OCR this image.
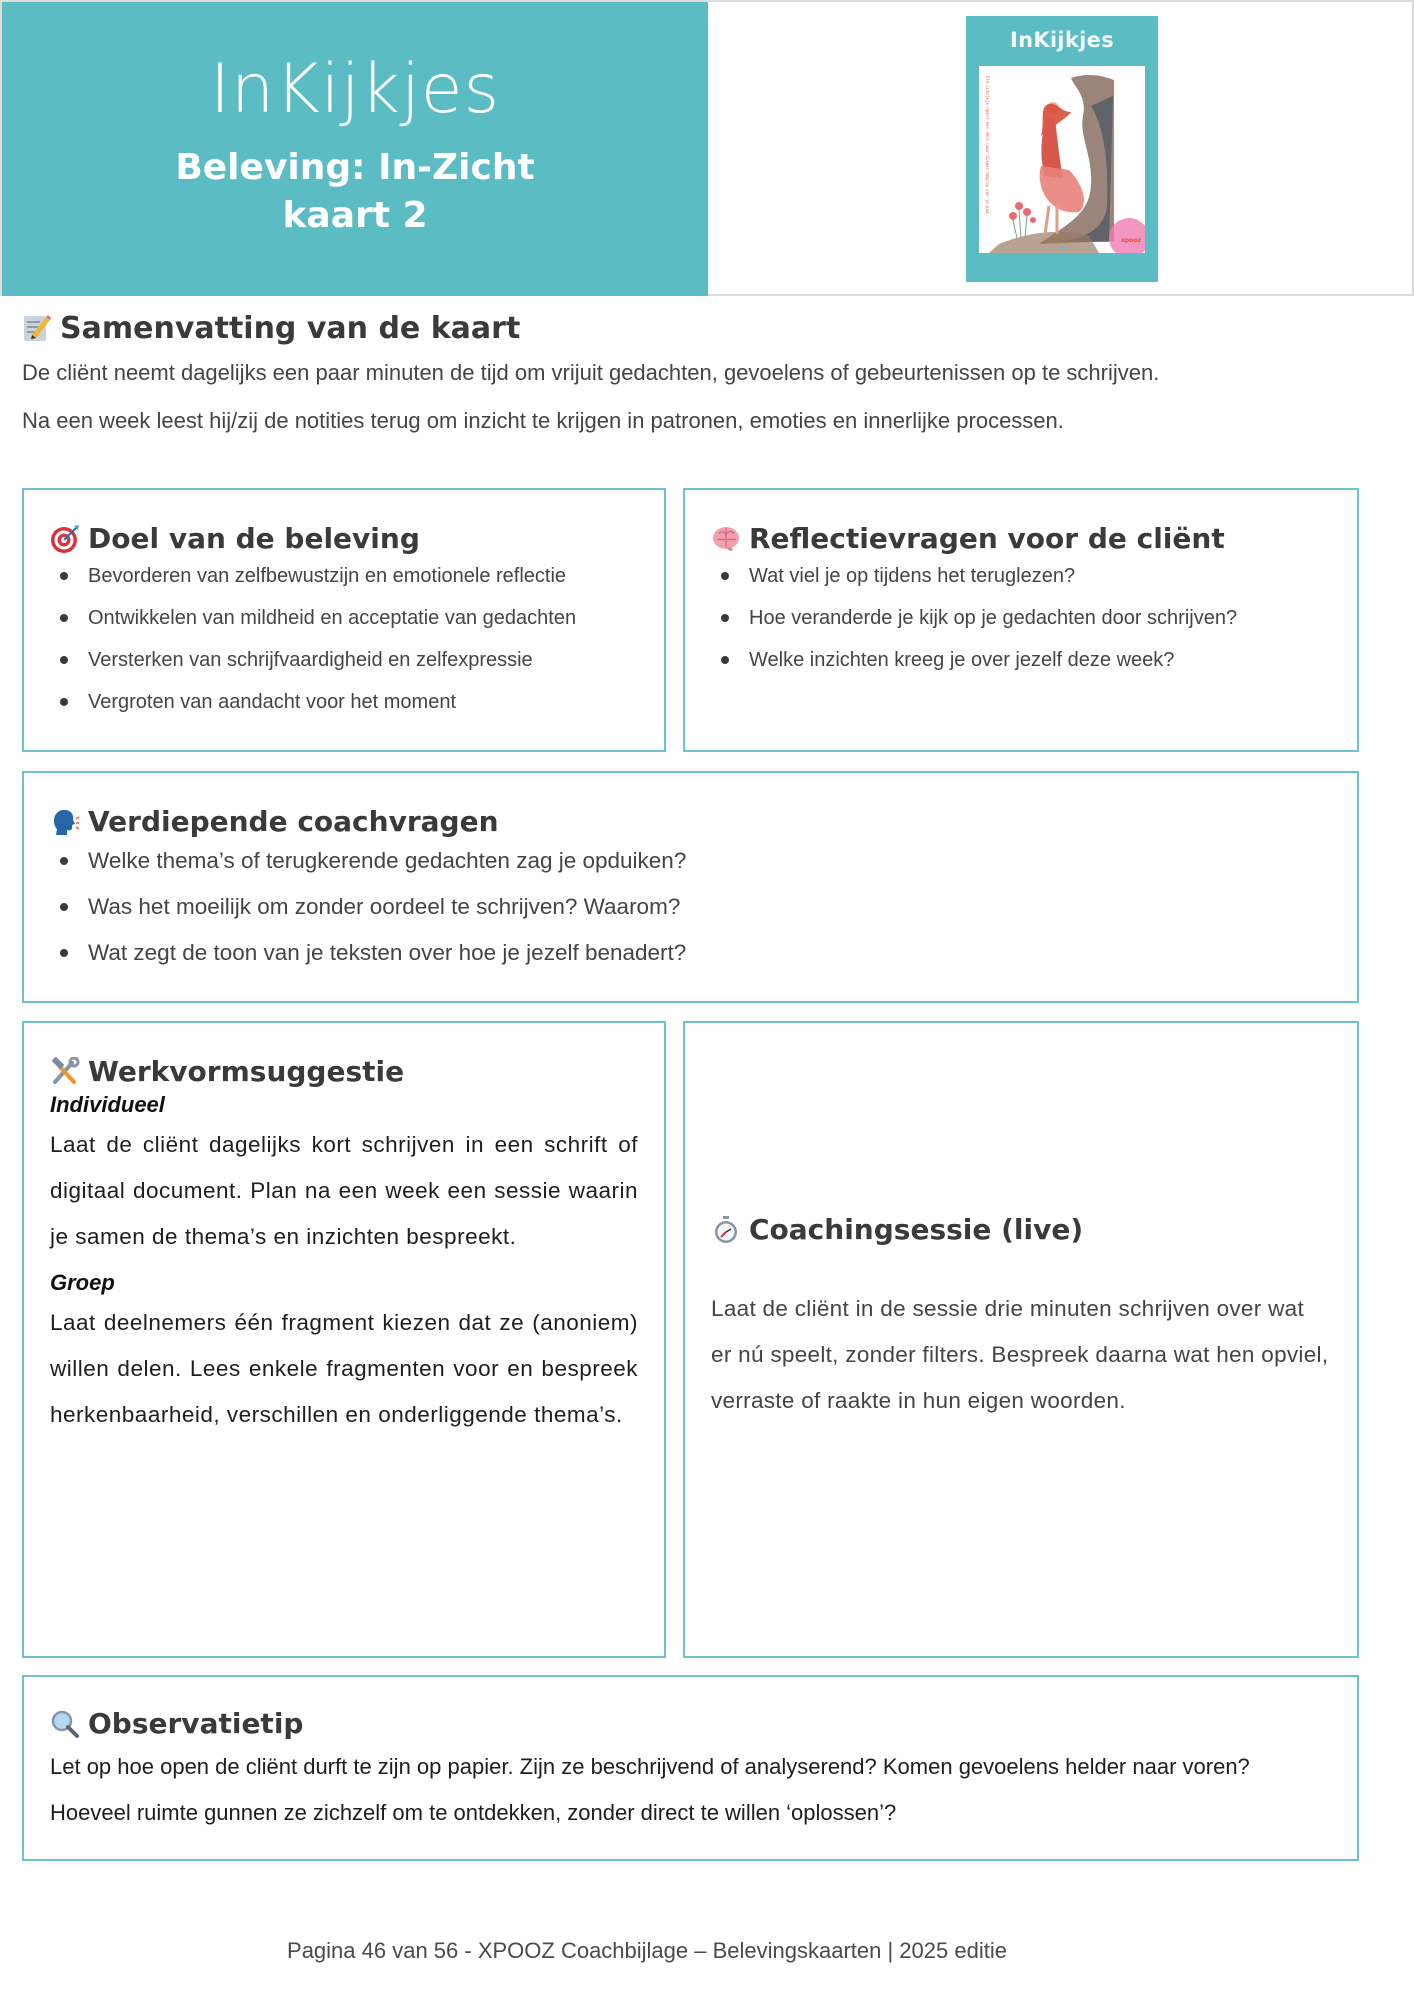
InKijkjes
Beleving: In-Zicht
kaart 2
InKijkjes
Elk inkijkje opent een deur naar dieper begrip van je pad.
xpooz
89
Samenvatting van de kaart
De cliënt neemt dagelijks een paar minuten de tijd om vrijuit gedachten, gevoelens of gebeurtenissen op te schrijven.
Na een week leest hij/zij de notities terug om inzicht te krijgen in patronen, emoties en innerlijke processen.
Doel van de beleving
Bevorderen van zelfbewustzijn en emotionele reflectie
Ontwikkelen van mildheid en acceptatie van gedachten
Versterken van schrijfvaardigheid en zelfexpressie
Vergroten van aandacht voor het moment
Reflectievragen voor de cliënt
Wat viel je op tijdens het teruglezen?
Hoe veranderde je kijk op je gedachten door schrijven?
Welke inzichten kreeg je over jezelf deze week?
Verdiepende coachvragen
Welke thema’s of terugkerende gedachten zag je opduiken?
Was het moeilijk om zonder oordeel te schrijven? Waarom?
Wat zegt de toon van je teksten over hoe je jezelf benadert?
Werkvormsuggestie
Individueel
Laat de cliënt dagelijks kort schrijven in een schrift of digitaal document. Plan na een week een sessie waarin je samen de thema’s en inzichten bespreekt.
Groep
Laat deelnemers één fragment kiezen dat ze (anoniem) willen delen. Lees enkele fragmenten voor en bespreek herkenbaarheid, verschillen en onderliggende thema’s.
Coachingsessie (live)
Laat de cliënt in de sessie drie minuten schrijven over wat er nú speelt, zonder filters. Bespreek daarna wat hen opviel, verraste of raakte in hun eigen woorden.
Observatietip
Let op hoe open de cliënt durft te zijn op papier. Zijn ze beschrijvend of analyserend? Komen gevoelens helder naar voren? Hoeveel ruimte gunnen ze zichzelf om te ontdekken, zonder direct te willen ‘oplossen’?
Pagina 46 van 56 - XPOOZ Coachbijlage – Belevingskaarten | 2025 editie
